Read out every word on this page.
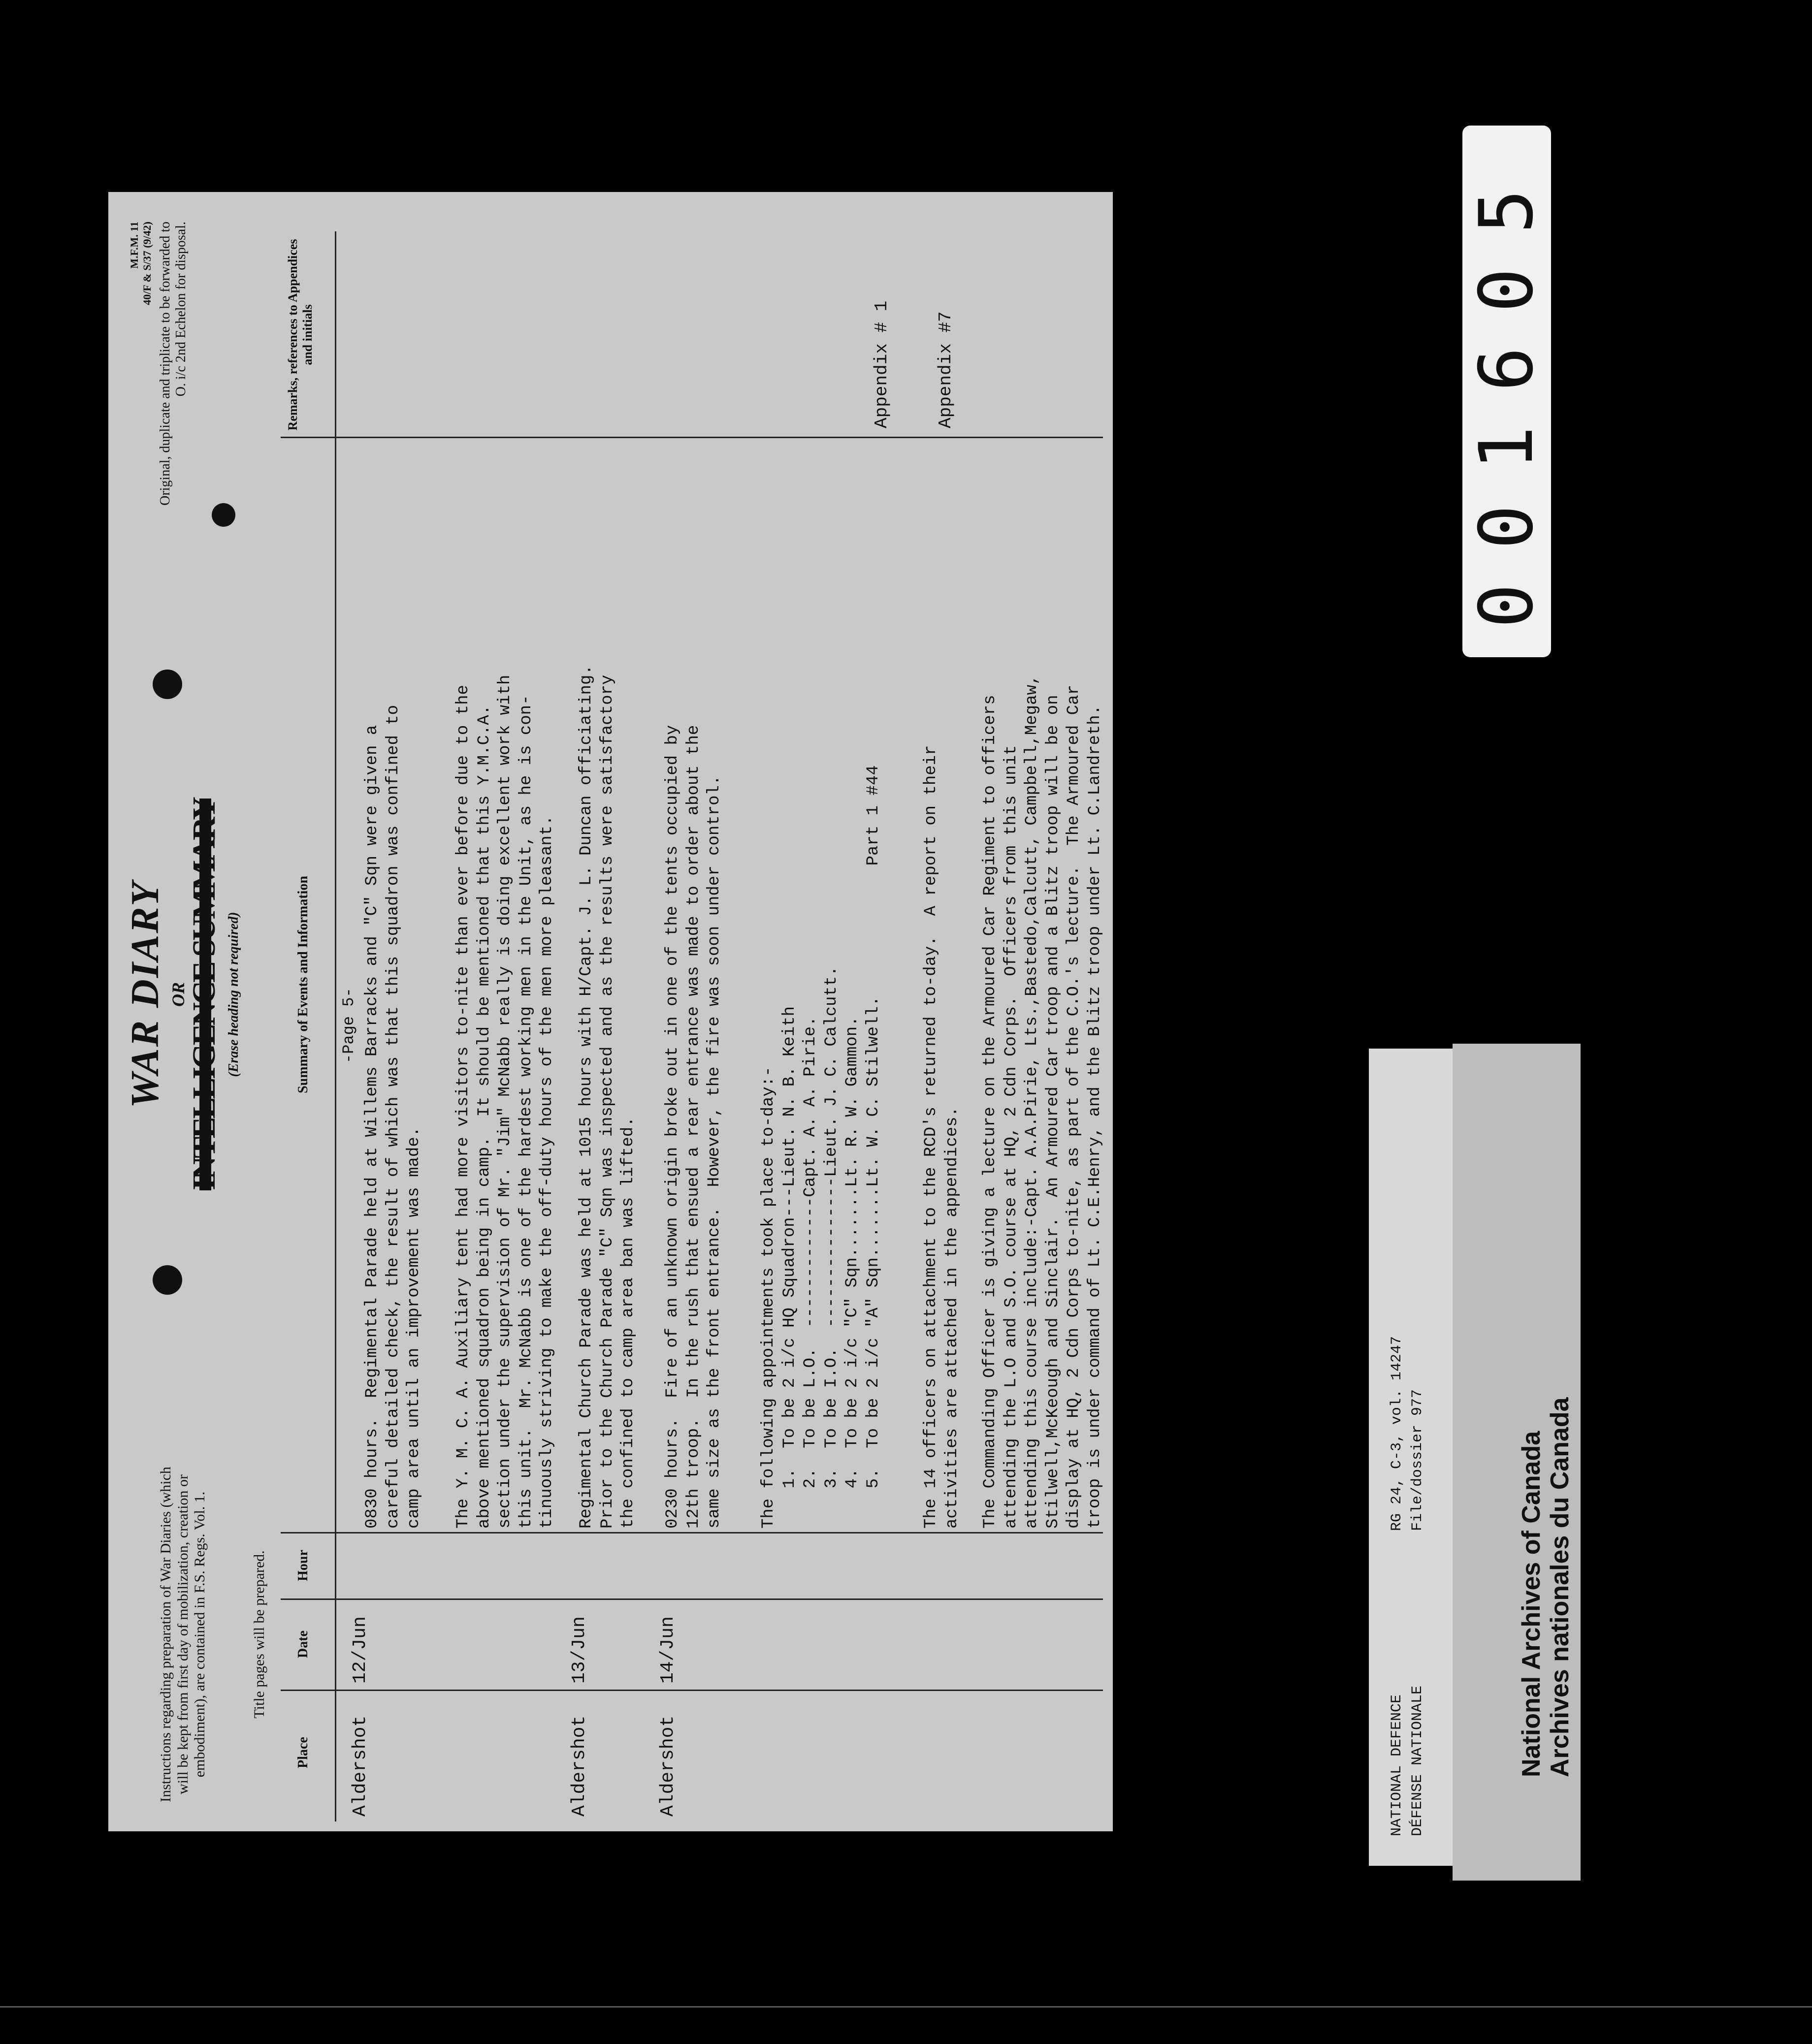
M.F.M. 11 40/F & S/37 (9/42) Original, duplicate and triplicate to be forwarded to O. i/c 2nd Echelon for disposal.
Instructions regarding preparation of War Diaries (which will be kept from first day of mobilization, creation or embodiment), are contained in F.S. Regs. Vol. 1.	Title pages will be prepared.
WAR DIARY OR
INTELLIGENCE SUMMARY (Erase heading not required)
Place
Date
Hour
Summary of Events and Information
Remarks, references to Appendices and initials
-Page 5-
Aldershot
12/Jun
Aldershot
13/Jun
Aldershot
14/Jun
0830 hours.  Regimental Parade held at Willems Barracks and "C" Sqn were given a
careful detailed check, the result of which was that this squadron was confined to
camp area until an improvement was made.
The Y. M. C. A. Auxiliary tent had more visitors to-nite than ever before due to the
above mentioned squadron being in camp.  It should be mentioned that this Y.M.C.A.
section under the supervision of Mr. "Jim" McNabb really is doing excellent work with
this unit.  Mr. McNabb is one of the hardest working men in the Unit, as he is con-
tinuously striving to make the off-duty hours of the men more pleasant.
Regimental Church Parade was held at 1015 hours with H/Capt. J. L. Duncan officiating.
Prior to the Church Parade "C" Sqn was inspected and as the results were satisfactory
the confined to camp area ban was lifted.
0230 hours.  Fire of an unknown origin broke out in one of the tents occupied by
12th troop.  In the rush that ensued a rear entrance was made to order about the
same size as the front entrance.  However, the fire was soon under control.
The following appointments took place to-day:-
1.  To be 2 i/c HQ Squadron---Lieut. N. B. Keith
2.  To be L.O.  -------------Capt. A. A. Pirie.
3.  To be I.O.  ---------------Lieut. J. C. Calcutt.
4.  To be 2 i/c "C" Sqn.......Lt. R. W. Gammon.
5.  To be 2 i/c "A" Sqn.......Lt. W. C. Stilwell.             Part 1 #44
The 14 officers on attachment to the RCD's returned to-day.  A report on their
activities are attached in the appendices.
The Commanding Officer is giving a lecture on the Armoured Car Regiment to officers
attending the L.O and S.O. course at HQ, 2 Cdn Corps.  Officers from this unit
attending this course include:-Capt. A.A.Pirie, Lts.,Bastedo,Calcutt, Campbell,Megaw,
Stilwell,McKeough and Sinclair.  An Armoured Car troop and a Blitz troop will be on
display at HQ, 2 Cdn Corps to-nite, as part of the C.O.'s lecture.  The Armoured Car
troop is under command of Lt. C.E.Henry, and the Blitz troop under Lt. C.Landreth.
Appendix # 1 Appendix #7
NATIONAL DEFENCE DÉFENSE NATIONALE
RG 24, C-3, vol. 14247 File/dossier 977	National Archives of Canada Archives nationales du Canada
001605
